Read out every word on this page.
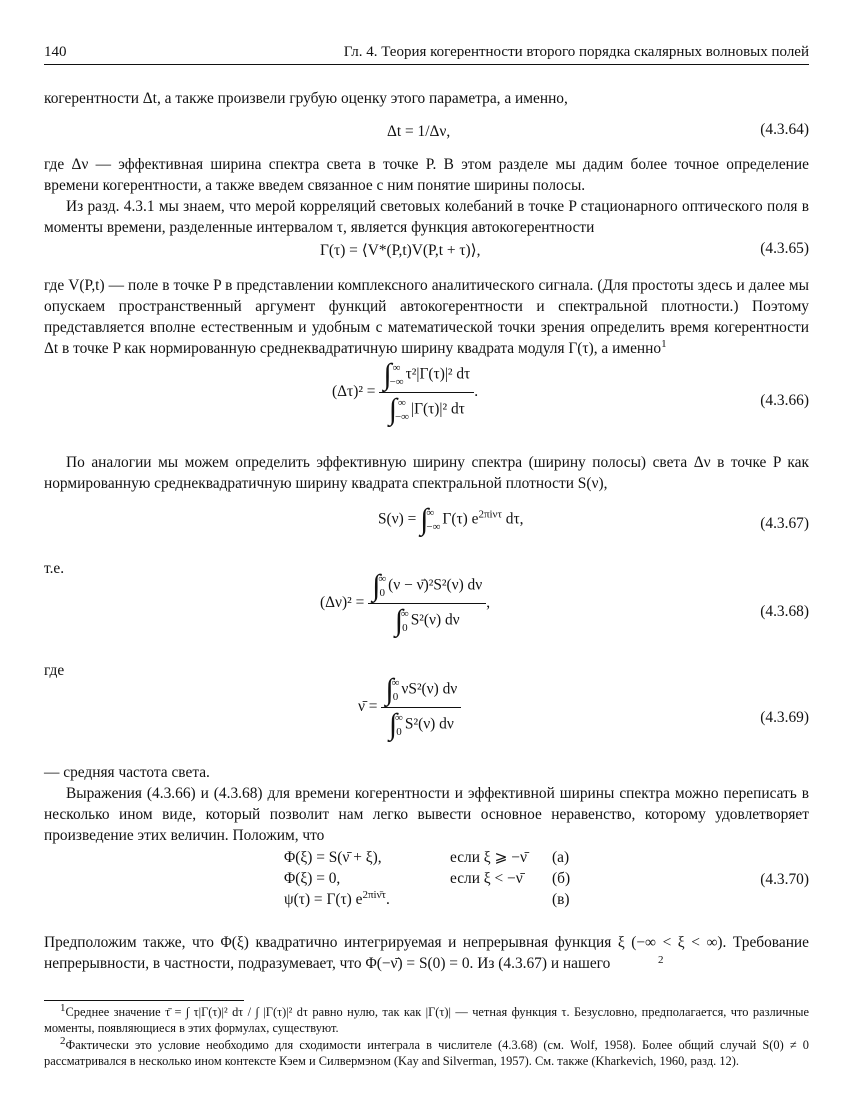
140	Гл. 4. Теория когерентности второго порядка скалярных волновых полей
когерентности Δt, а также произвели грубую оценку этого параметра, а именно,
Δt = 1/Δν,	(4.3.64)
где Δν — эффективная ширина спектра света в точке P. В этом разделе мы дадим более точное определение времени когерентности, а также введем связанное с ним понятие ширины полосы.
Из разд. 4.3.1 мы знаем, что мерой корреляций световых колебаний в точке P стационарного оптического поля в моменты времени, разделенные интервалом τ, является функция автокогерентности
Γ(τ) = ⟨V*(P,t)V(P,t + τ)⟩,	(4.3.65)
где V(P,t) — поле в точке P в представлении комплексного аналитического сигнала. (Для простоты здесь и далее мы опускаем пространственный аргумент функций автокогерентности и спектральной плотности.) Поэтому представляется вполне естественным и удобным с математической точки зрения определить время когерентности Δt в точке P как нормированную среднеквадратичную ширину квадрата модуля Γ(τ), а именно$^1$
(Δτ)² = ∫ ∞
−∞ τ²|Γ(τ)|² dτ
∫ ∞
−∞ |Γ(τ)|² dτ .
(4.3.66)
По аналогии мы можем определить эффективную ширину спектра (ширину полосы) света Δν в точке P как нормированную среднеквадратичную ширину квадрата спектральной плотности S(ν),
S(ν) = ∫
∞
−∞ Γ(τ) $e^{2\pi i\nu\tau}$ dτ,	(4.3.67)
т.е.
(Δν)² = ∫
∞
0 (ν − ν̄)²S²(ν) dν
∫
∞
0 S²(ν) dν ,
(4.3.68)
где
ν̄ = ∫
∞
0 νS²(ν) dν
∫
∞
0 S²(ν) dν	(4.3.69)
— средняя частота света.
Выражения (4.3.66) и (4.3.68) для времени когерентности и эффективной ширины спектра можно переписать в несколько ином виде, который позволит нам легко вывести основное неравенство, которому удовлетворяет произведение этих величин. Положим, что
Φ(ξ) = S(ν̄ + ξ),	если ξ ⩾ −ν̄ (а)
Φ(ξ) = 0,	если ξ < −ν̄ (б)
ψ(τ) = Γ(τ) $e^{2\pi i\nū\tau}$.	(в)
(4.3.70)
Предположим также, что Φ(ξ) квадратично интегрируемая и непрерывная функция ξ (−∞ < ξ < ∞). Требование непрерывности, в частности, подразумевает, что Φ(−ν̄) = S(0) = 0. Из (4.3.67) и нашего	2
1Среднее значение τ̄ = ∫ τ|Γ(τ)|² dτ / ∫ |Γ(τ)|² dτ равно нулю, так как |Γ(τ)| — четная функция τ. Безусловно, предполагается, что различные моменты, появляющиеся в этих формулах, существуют.
2Фактически это условие необходимо для сходимости интеграла в числителе (4.3.68) (см. Wolf, 1958). Более общий случай S(0) ≠ 0 рассматривался в несколько ином контексте Кэем и Силвермэном (Kay and Silverman, 1957). См. также (Kharkevich, 1960, разд. 12).
